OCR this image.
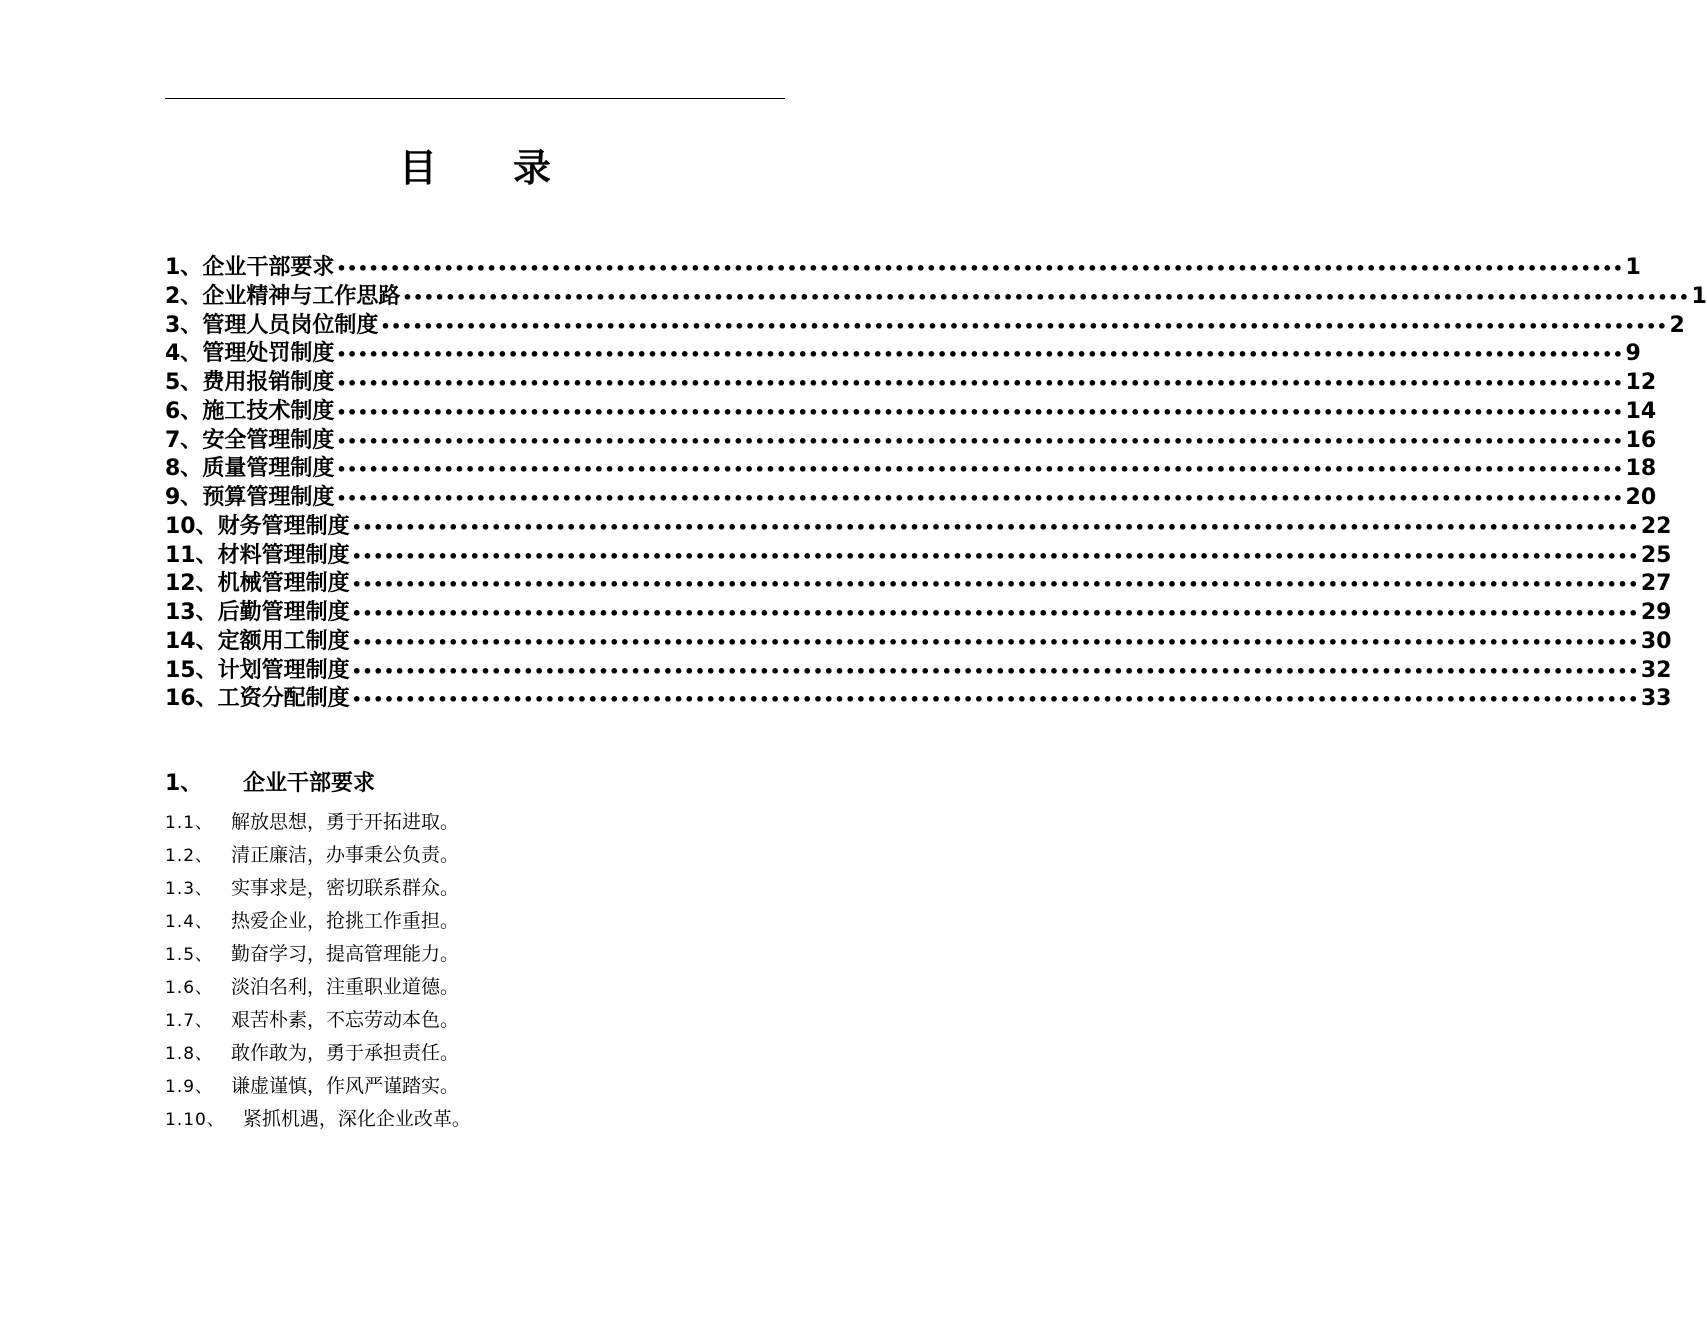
目录
1、 企业干部要求 •••••••••••••••••••••••••••••••••••••••••••••••••••••••••••••••••••••••••••••••••••••••••••••••••••••••••••••••••••••••• 1
2、 企业精神与工作思路 •••••••••••••••••••••••••••••••••••••••••••••••••••••••••••••••••••••••••••••••••••••••••••••••••••••••••••••••••••••••• 1
3、 管理人员岗位制度 •••••••••••••••••••••••••••••••••••••••••••••••••••••••••••••••••••••••••••••••••••••••••••••••••••••••••••••••••••••••• 2
4、 管理处罚制度 •••••••••••••••••••••••••••••••••••••••••••••••••••••••••••••••••••••••••••••••••••••••••••••••••••••••••••••••••••••••• 9
5、 费用报销制度 •••••••••••••••••••••••••••••••••••••••••••••••••••••••••••••••••••••••••••••••••••••••••••••••••••••••••••••••••••••••• 12
6、 施工技术制度 •••••••••••••••••••••••••••••••••••••••••••••••••••••••••••••••••••••••••••••••••••••••••••••••••••••••••••••••••••••••• 14
7、 安全管理制度 •••••••••••••••••••••••••••••••••••••••••••••••••••••••••••••••••••••••••••••••••••••••••••••••••••••••••••••••••••••••• 16
8、 质量管理制度 •••••••••••••••••••••••••••••••••••••••••••••••••••••••••••••••••••••••••••••••••••••••••••••••••••••••••••••••••••••••• 18
9、 预算管理制度 •••••••••••••••••••••••••••••••••••••••••••••••••••••••••••••••••••••••••••••••••••••••••••••••••••••••••••••••••••••••• 20
10、 财务管理制度 •••••••••••••••••••••••••••••••••••••••••••••••••••••••••••••••••••••••••••••••••••••••••••••••••••••••••••••••••••••••• 22
11、 材料管理制度 •••••••••••••••••••••••••••••••••••••••••••••••••••••••••••••••••••••••••••••••••••••••••••••••••••••••••••••••••••••••• 25
12、 机械管理制度 •••••••••••••••••••••••••••••••••••••••••••••••••••••••••••••••••••••••••••••••••••••••••••••••••••••••••••••••••••••••• 27
13、 后勤管理制度 •••••••••••••••••••••••••••••••••••••••••••••••••••••••••••••••••••••••••••••••••••••••••••••••••••••••••••••••••••••••• 29
14、 定额用工制度 •••••••••••••••••••••••••••••••••••••••••••••••••••••••••••••••••••••••••••••••••••••••••••••••••••••••••••••••••••••••• 30
15、 计划管理制度 •••••••••••••••••••••••••••••••••••••••••••••••••••••••••••••••••••••••••••••••••••••••••••••••••••••••••••••••••••••••• 32
16、 工资分配制度 •••••••••••••••••••••••••••••••••••••••••••••••••••••••••••••••••••••••••••••••••••••••••••••••••••••••••••••••••••••••• 33
1、 企业干部要求
1.1、 解放思想，勇于开拓进取。
1.2、 清正廉洁，办事秉公负责。
1.3、 实事求是，密切联系群众。
1.4、 热爱企业，抢挑工作重担。
1.5、 勤奋学习，提高管理能力。
1.6、 淡泊名利，注重职业道德。
1.7、 艰苦朴素，不忘劳动本色。
1.8、 敢作敢为，勇于承担责任。
1.9、 谦虚谨慎，作风严谨踏实。
1.10、 紧抓机遇，深化企业改革。
